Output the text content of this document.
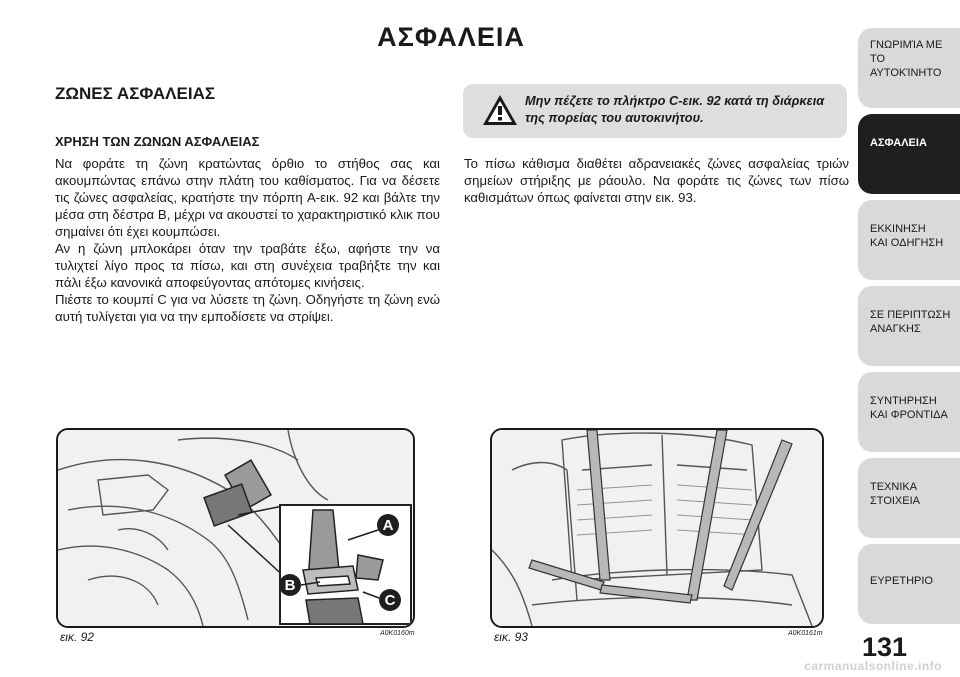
ΑΣΦΑΛΕΙΑ
ΖΩΝΕΣ ΑΣΦΑΛΕΙΑΣ
ΧΡΗΣΗ ΤΩΝ ΖΩΝΩΝ ΑΣΦΑΛΕΙΑΣ

Να φοράτε τη ζώνη κρατώντας όρθιο το στήθος σας και ακουμπώντας επάνω στην πλάτη του καθίσματος. Για να δέσετε τις ζώνες ασφαλείας, κρατήστε την πόρπη A-εικ. 92 και βάλτε την μέσα στη δέστρα B, μέχρι να ακουστεί το χαρακτηριστικό κλικ που σημαίνει ότι έχει κουμπώσει.

Αν η ζώνη μπλοκάρει όταν την τραβάτε έξω, αφήστε την να τυλιχτεί λίγο προς τα πίσω, και στη συνέχεια τραβήξτε την και πάλι έξω κανονικά αποφεύγοντας απότομες κινήσεις.

Πιέστε το κουμπί C για να λύσετε τη ζώνη. Οδηγήστε τη ζώνη ενώ αυτή τυλίγεται για να την εμποδίσετε να στρίψει.

Μην πέζετε το πλήκτρο C-εικ. 92 κατά τη διάρκεια της πορείας του αυτοκινήτου.

Το πίσω κάθισμα διαθέτει αδρανειακές ζώνες ασφαλείας τριών σημείων στήριξης με ράουλο. Να φοράτε τις ζώνες των πίσω καθισμάτων όπως φαίνεται στην εικ. 93.

A
B
C
εικ. 92	A0K0160m	εικ. 93	A0K0161m 131
ΓΝΩΡΙΜΊΑ ΜΕ ΤΟ
ΑΥΤΟΚΊΝΗΤΟ
ΑΣΦΑΛΕΙΑ
ΕΚΚΙΝΗΣΗ
ΚΑΙ ΟΔΗΓΗΣΗ
ΣΕ ΠΕΡΙΠΤΩΣΗ
ΑΝΑΓΚΗΣ
ΣΥΝΤΗΡΗΣΗ
ΚΑΙ ΦΡΟΝΤΙΔΑ
ΤΕΧΝΙΚΑ
ΣΤΟΙΧΕΙΑ
ΕΥΡΕΤΗΡΙΟ
carmanualsonline.info
